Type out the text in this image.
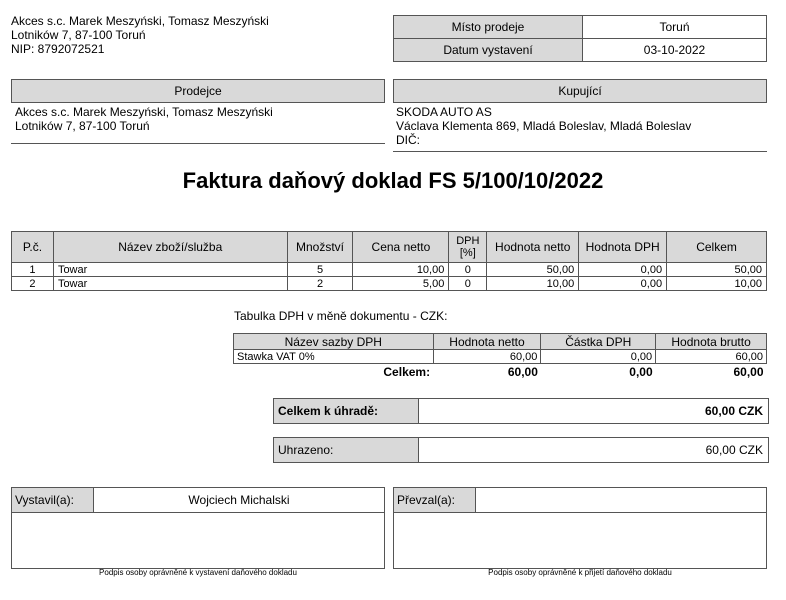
Akces s.c. Marek Meszyński, Tomasz Meszyński
Lotników 7, 87-100 Toruń
NIP: 8792072521
Místo prodeje	Toruń
Datum vystavení	03-10-2022
Prodejce
Akces s.c. Marek Meszyński, Tomasz Meszyński
Lotników 7, 87-100 Toruń
Kupující
SKODA AUTO AS
Václava Klementa 869, Mladá Boleslav, Mladá Boleslav
DIČ:
Faktura daňový doklad FS 5/100/10/2022
P.č.	Název zboží/služba	Množství	Cena netto	DPH [%]	Hodnota netto	Hodnota DPH	Celkem
1	Towar	5	10,00	0	50,00	0,00	50,00
2	Towar	2	5,00	0	10,00	0,00	10,00
Tabulka DPH v měně dokumentu - CZK:
Název sazby DPH	Hodnota netto	Částka DPH	Hodnota brutto
Stawka VAT 0%	60,00	0,00	60,00
Celkem:	60,00	0,00	60,00
Celkem k úhradě:	60,00 CZK
Uhrazeno:	60,00 CZK
Vystavil(a):	Wojciech Michalski
Podpis osoby oprávněné k vystavení daňového dokladu
Převzal(a):
Podpis osoby oprávněné k přijetí daňového dokladu
